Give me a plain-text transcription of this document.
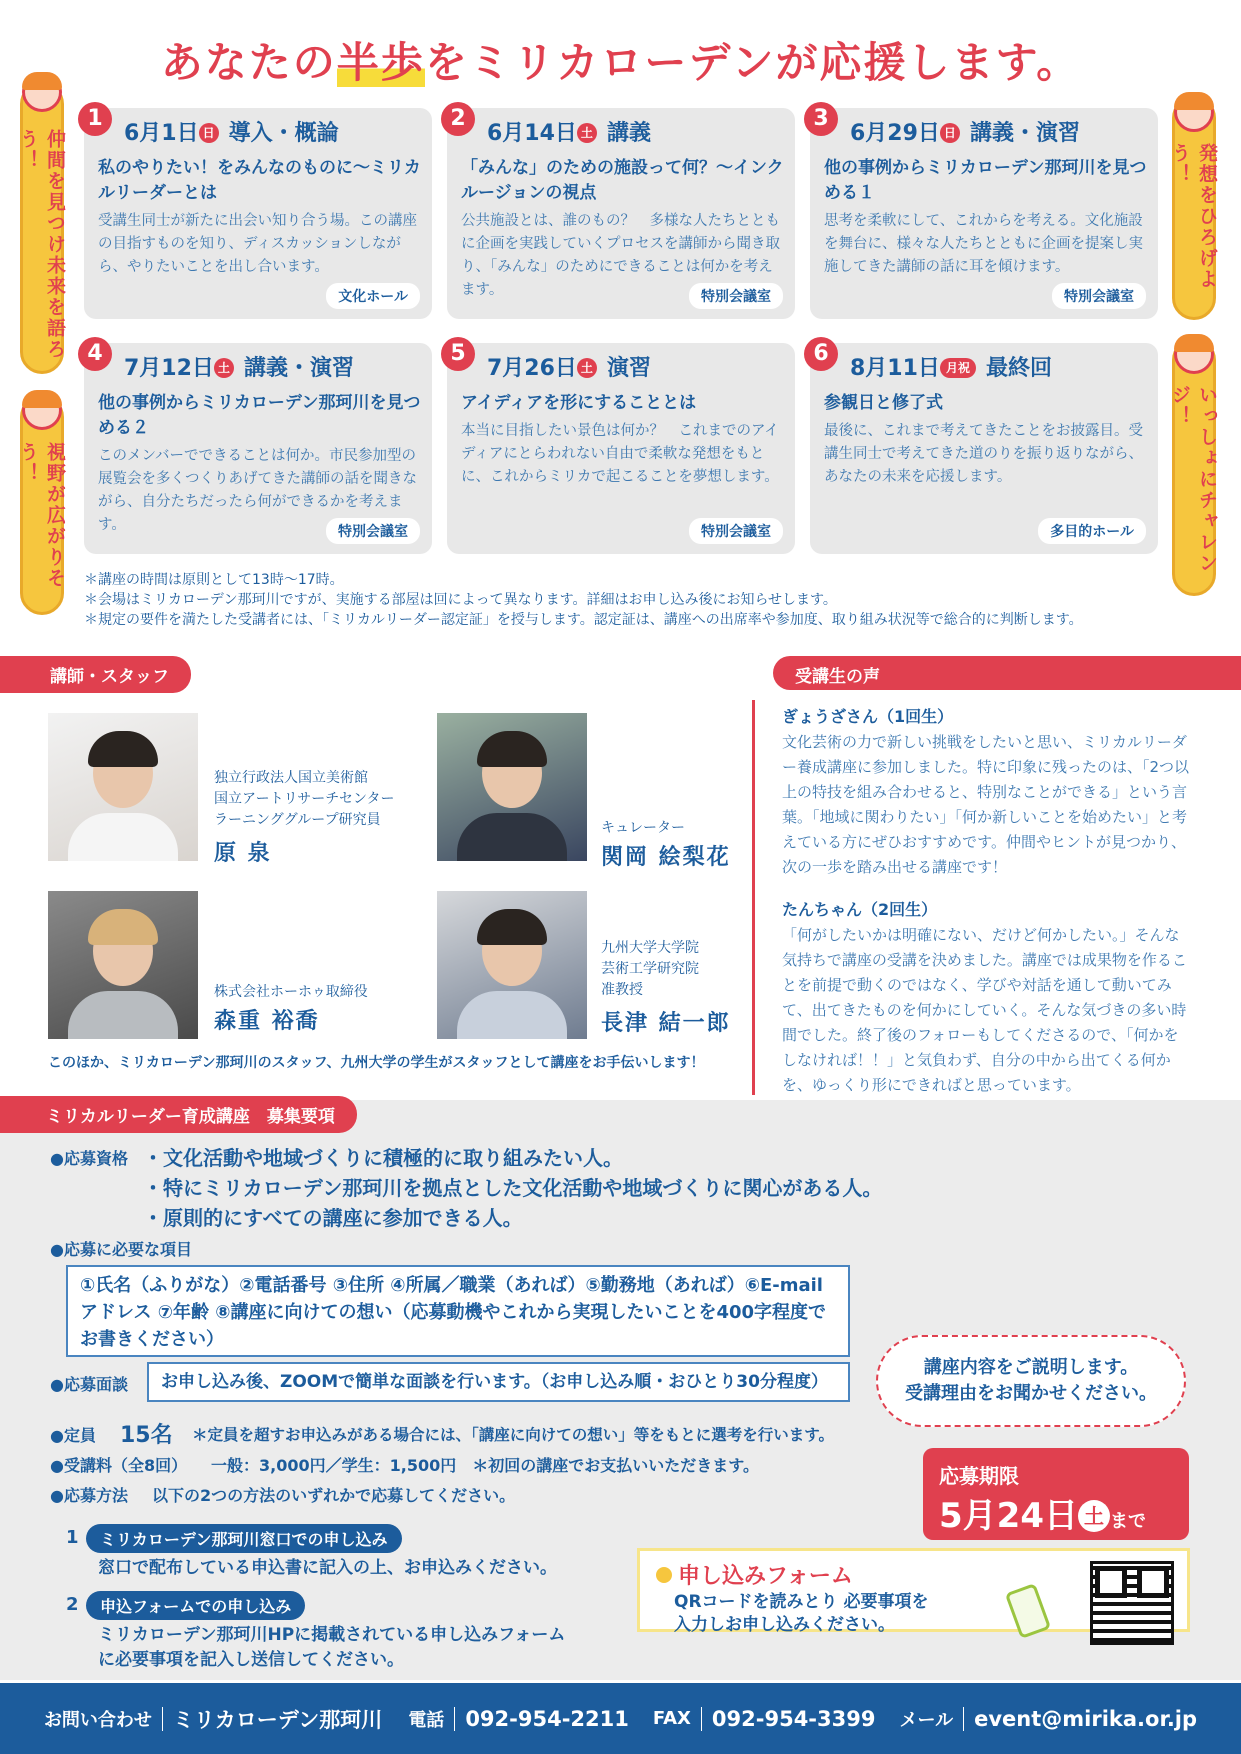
あなたの半歩をミリカローデンが応援します。
仲間を見つけ未来を語ろう！
視野が広がりそう！
発想をひろげよう！
いっしょにチャレンジ！
1
6月1日 日 導入・概論
私のやりたい！をみんなのものに〜ミリカルリーダーとは

受講生同士が新たに出会い知り合う場。この講座の目指すものを知り、ディスカッションしながら、やりたいことを出し合います。

文化ホール
2
6月14日 土 講義
「みんな」のための施設って何？〜インクルージョンの視点

公共施設とは、誰のもの？　多様な人たちとともに企画を実践していくプロセスを講師から聞き取り、「みんな」のためにできることは何かを考えます。	特別会議室
3
6月29日 日 講義・演習
他の事例からミリカローデン那珂川を見つめる１

思考を柔軟にして、これからを考える。文化施設を舞台に、様々な人たちとともに企画を提案し実施してきた講師の話に耳を傾けます。

特別会議室
4
7月12日 土 講義・演習
他の事例からミリカローデン那珂川を見つめる２

このメンバーでできることは何か。市民参加型の展覧会を多くつくりあげてきた講師の話を聞きながら、自分たちだったら何ができるかを考えます。	特別会議室
5
7月26日 土 演習
アイディアを形にすることとは

本当に目指したい景色は何か？　これまでのアイディアにとらわれない自由で柔軟な発想をもとに、これからミリカで起こることを夢想します。

特別会議室
6
8月11日 月祝 最終回
参観日と修了式

最後に、これまで考えてきたことをお披露目。受講生同士で考えてきた道のりを振り返りながら、あなたの未来を応援します。

多目的ホール
＊講座の時間は原則として13時〜17時。
＊会場はミリカローデン那珂川ですが、実施する部屋は回によって異なります。詳細はお申し込み後にお知らせします。
＊規定の要件を満たした受講者には、「ミリカルリーダー認定証」を授与します。認定証は、講座への出席率や参加度、取り組み状況等で総合的に判断します。
講師・スタッフ	受講生の声
独立行政法人国立美術館
国立アートリサーチセンター
ラーニンググループ研究員
原 泉
キュレーター
関岡 絵梨花
株式会社ホーホゥ取締役
森重 裕喬
九州大学大学院
芸術工学研究院
准教授
長津 結一郎
このほか、ミリカローデン那珂川のスタッフ、九州大学の学生がスタッフとして講座をお手伝いします！
ぎょうざさん（1回生）
文化芸術の力で新しい挑戦をしたいと思い、ミリカルリーダー養成講座に参加しました。特に印象に残ったのは、「2つ以上の特技を組み合わせると、特別なことができる」という言葉。「地域に関わりたい」「何か新しいことを始めたい」と考えている方にぜひおすすめです。仲間やヒントが見つかり、次の一歩を踏み出せる講座です！
たんちゃん（2回生）
「何がしたいかは明確にない、だけど何かしたい。」そんな気持ちで講座の受講を決めました。講座では成果物を作ることを前提で動くのではなく、学びや対話を通して動いてみて、出てきたものを何かにしていく。そんな気づきの多い時間でした。終了後のフォローもしてくださるので、「何かをしなければ！！」と気負わず、自分の中から出てくる何かを、ゆっくり形にできればと思っています。
ミリカルリーダー育成講座　募集要項
●応募資格 ・文化活動や地域づくりに積極的に取り組みたい人。
・特にミリカローデン那珂川を拠点とした文化活動や地域づくりに関心がある人。
・原則的にすべての講座に参加できる人。
●応募に必要な項目
①氏名（ふりがな）②電話番号 ③住所 ④所属／職業（あれば）⑤勤務地（あれば）⑥E-mailアドレス ⑦年齢 ⑧講座に向けての想い（応募動機やこれから実現したいことを400字程度でお書きください）
●応募面談	お申し込み後、ZOOMで簡単な面談を行います。（お申し込み順・おひとり30分程度）
講座内容をご説明します。
受講理由をお聞かせください。
●定員 15名 ＊定員を超すお申込みがある場合には、「講座に向けての想い」等をもとに選考を行います。
●受講料（全8回） 一般：3,000円／学生：1,500円　＊初回の講座でお支払いいただきます。
●応募方法 以下の2つの方法のいずれかで応募してください。
応募期限
5月24日 土 まで
1	ミリカローデン那珂川窓口での申し込み
窓口で配布している申込書に記入の上、お申込みください。
2	申込フォームでの申し込み
ミリカローデン那珂川HPに掲載されている申し込みフォームに必要事項を記入し送信してください。
申し込みフォーム
QRコードを読みとり 必要事項を
入力しお申し込みください。
お問い合わせ ミリカローデン那珂川 電話 092-954-2211 FAX 092-954-3399 メール event@mirika.or.jp
